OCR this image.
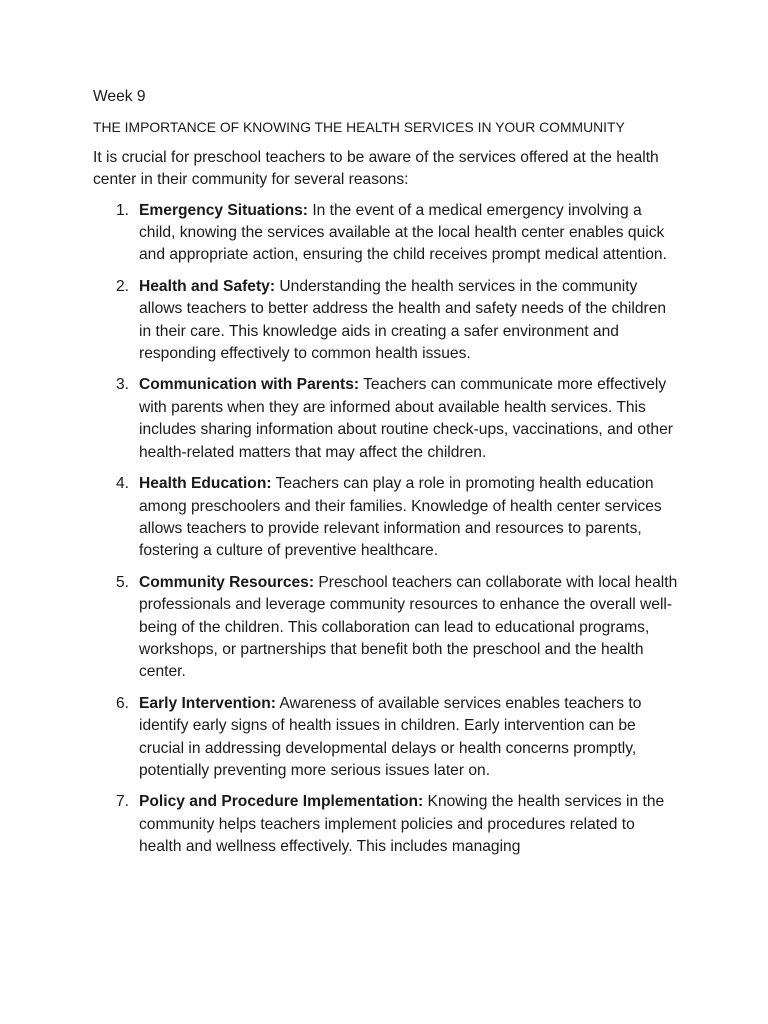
Week 9

THE IMPORTANCE OF KNOWING THE HEALTH SERVICES IN YOUR COMMUNITY

It is crucial for preschool teachers to be aware of the services offered at the health center in their community for several reasons:

1. Emergency Situations: In the event of a medical emergency involving a child, knowing the services available at the local health center enables quick and appropriate action, ensuring the child receives prompt medical attention.
2. Health and Safety: Understanding the health services in the community allows teachers to better address the health and safety needs of the children in their care. This knowledge aids in creating a safer environment and responding effectively to common health issues.
3. Communication with Parents: Teachers can communicate more effectively with parents when they are informed about available health services. This includes sharing information about routine check-ups, vaccinations, and other health-related matters that may affect the children.
4. Health Education: Teachers can play a role in promoting health education among preschoolers and their families. Knowledge of health center services allows teachers to provide relevant information and resources to parents, fostering a culture of preventive healthcare.
5. Community Resources: Preschool teachers can collaborate with local health professionals and leverage community resources to enhance the overall well-being of the children. This collaboration can lead to educational programs, workshops, or partnerships that benefit both the preschool and the health center.
6. Early Intervention: Awareness of available services enables teachers to identify early signs of health issues in children. Early intervention can be crucial in addressing developmental delays or health concerns promptly, potentially preventing more serious issues later on.
7. Policy and Procedure Implementation: Knowing the health services in the community helps teachers implement policies and procedures related to health and wellness effectively. This includes managing
